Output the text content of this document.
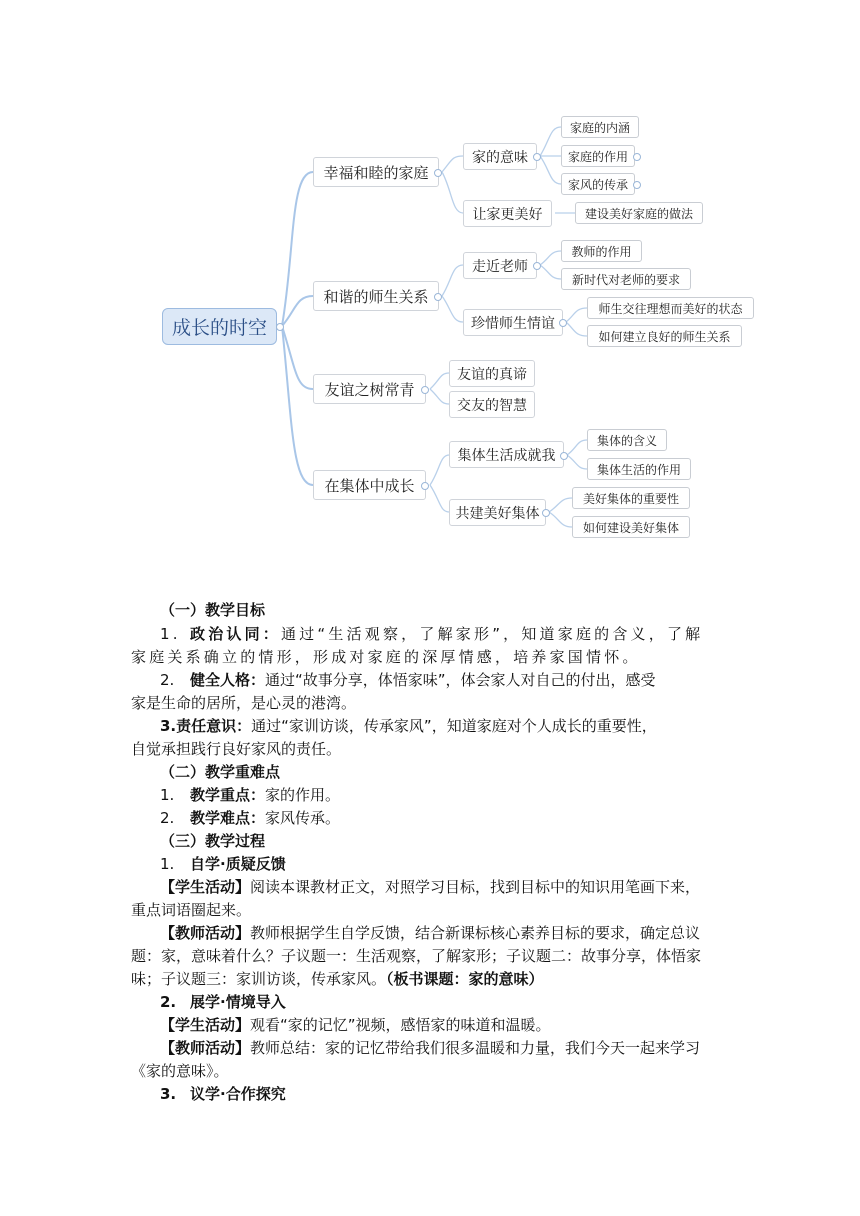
成长的时空
幸福和睦的家庭
和谐的师生关系
友谊之树常青
在集体中成长
家的意味
让家更美好
走近老师
珍惜师生情谊
友谊的真谛
交友的智慧
集体生活成就我
共建美好集体
家庭的内涵
家庭的作用
家风的传承
建设美好家庭的做法
教师的作用
新时代对老师的要求
师生交往理想而美好的状态
如何建立良好的师生关系
集体的含义
集体生活的作用
美好集体的重要性
如何建设美好集体
（一）教学目标
1. 政治认同：通过“生活观察，了解家形”，知道家庭的含义，了解
家庭关系确立的情形，形成对家庭的深厚情感，培养家国情怀。
2. 健全人格：通过“故事分享，体悟家味”，体会家人对自己的付出，感受
家是生命的居所，是心灵的港湾。
3.责任意识：通过“家训访谈，传承家风”，知道家庭对个人成长的重要性，
自觉承担践行良好家风的责任。
（二）教学重难点
1. 教学重点：家的作用。
2. 教学难点：家风传承。
（三）教学过程
1. 自学·质疑反馈
【学生活动】阅读本课教材正文，对照学习目标，找到目标中的知识用笔画下来，
重点词语圈起来。
【教师活动】教师根据学生自学反馈，结合新课标核心素养目标的要求，确定总议
题：家，意味着什么？子议题一：生活观察，了解家形；子议题二：故事分享，体悟家
味；子议题三：家训访谈，传承家风。（板书课题：家的意味）
2. 展学·情境导入
【学生活动】观看“家的记忆”视频，感悟家的味道和温暖。
【教师活动】教师总结：家的记忆带给我们很多温暖和力量，我们今天一起来学习
《家的意味》。
3. 议学·合作探究
